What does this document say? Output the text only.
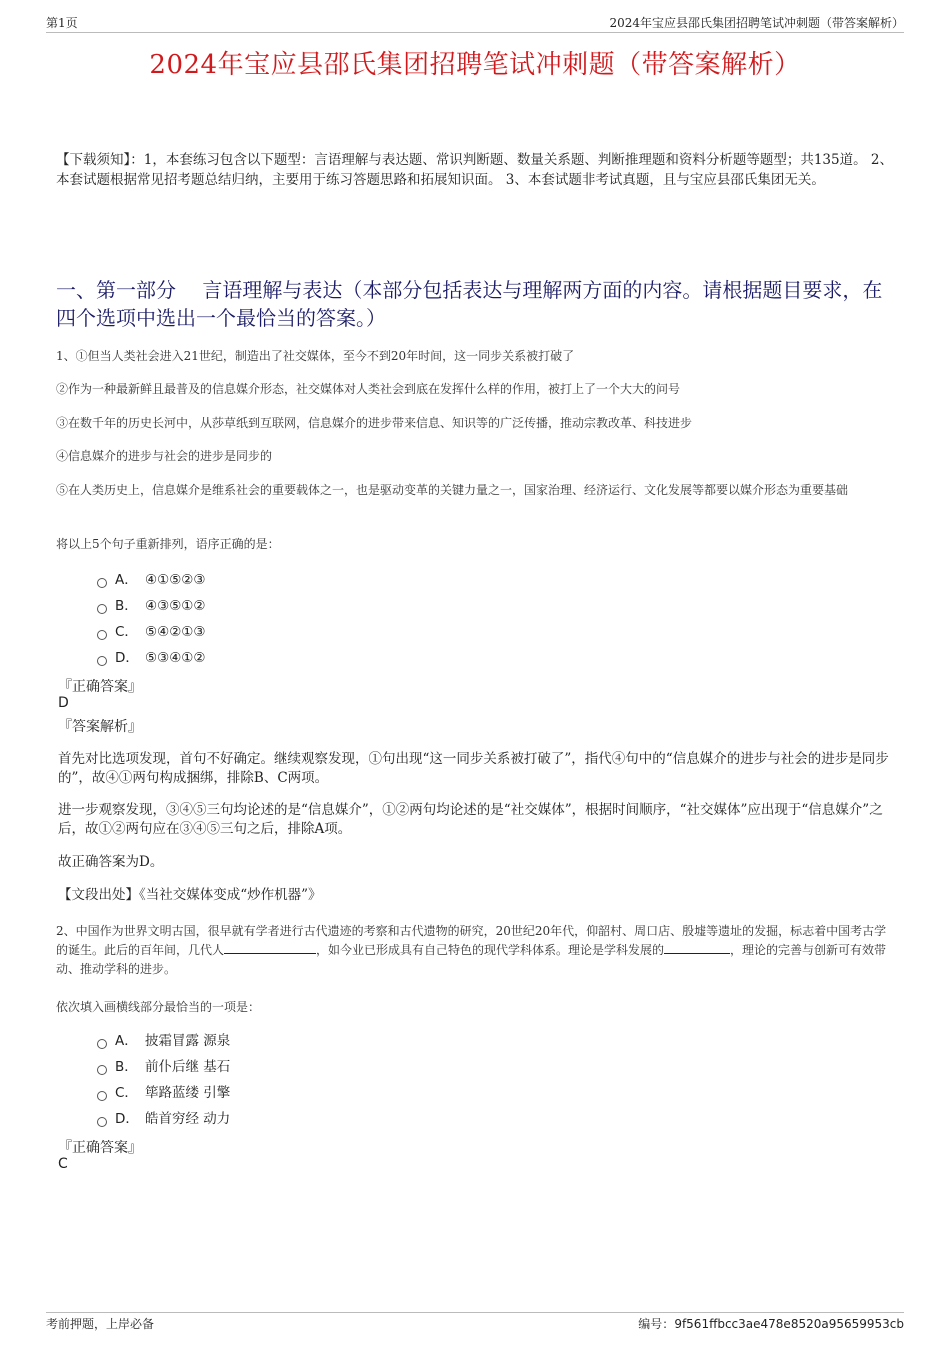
第1页	2024年宝应县邵氏集团招聘笔试冲刺题（带答案解析）
2024年宝应县邵氏集团招聘笔试冲刺题（带答案解析）
【下载须知】：1，本套练习包含以下题型：言语理解与表达题、常识判断题、数量关系题、判断推理题和资料分析题等题型；共135道。 2、本套试题根据常见招考题总结归纳，主要用于练习答题思路和拓展知识面。 3、本套试题非考试真题，且与宝应县邵氏集团无关。
一、第一部分　 言语理解与表达（本部分包括表达与理解两方面的内容。请根据题目要求，在四个选项中选出一个最恰当的答案。）
1、①但当人类社会进入21世纪，制造出了社交媒体，至今不到20年时间，这一同步关系被打破了
②作为一种最新鲜且最普及的信息媒介形态，社交媒体对人类社会到底在发挥什么样的作用，被打上了一个大大的问号
③在数千年的历史长河中，从莎草纸到互联网，信息媒介的进步带来信息、知识等的广泛传播，推动宗教改革、科技进步
④信息媒介的进步与社会的进步是同步的
⑤在人类历史上，信息媒介是维系社会的重要载体之一，也是驱动变革的关键力量之一，国家治理、经济运行、文化发展等都要以媒介形态为重要基础
将以上5个句子重新排列，语序正确的是：
A． ④①⑤②③
B． ④③⑤①②
C． ⑤④②①③
D． ⑤③④①②
『正确答案』
D
『答案解析』
首先对比选项发现，首句不好确定。继续观察发现，①句出现“这一同步关系被打破了”，指代④句中的“信息媒介的进步与社会的进步是同步的”，故④①两句构成捆绑，排除B、C两项。
进一步观察发现，③④⑤三句均论述的是“信息媒介”，①②两句均论述的是“社交媒体”，根据时间顺序，“社交媒体”应出现于“信息媒介”之后，故①②两句应在③④⑤三句之后，排除A项。
故正确答案为D。
【文段出处】《当社交媒体变成“炒作机器”》
2、中国作为世界文明古国，很早就有学者进行古代遗迹的考察和古代遗物的研究，20世纪20年代，仰韶村、周口店、殷墟等遗址的发掘，标志着中国考古学的诞生。此后的百年间，几代人	，如今业已形成具有自己特色的现代学科体系。理论是学科发展的	，理论的完善与创新可有效带动、推动学科的进步。
依次填入画横线部分最恰当的一项是：
A． 披霜冒露 源泉
B． 前仆后继 基石
C． 筚路蓝缕 引擎
D． 皓首穷经 动力
『正确答案』
C
考前押题，上岸必备	编号：9f561ffbcc3ae478e8520a95659953cb
